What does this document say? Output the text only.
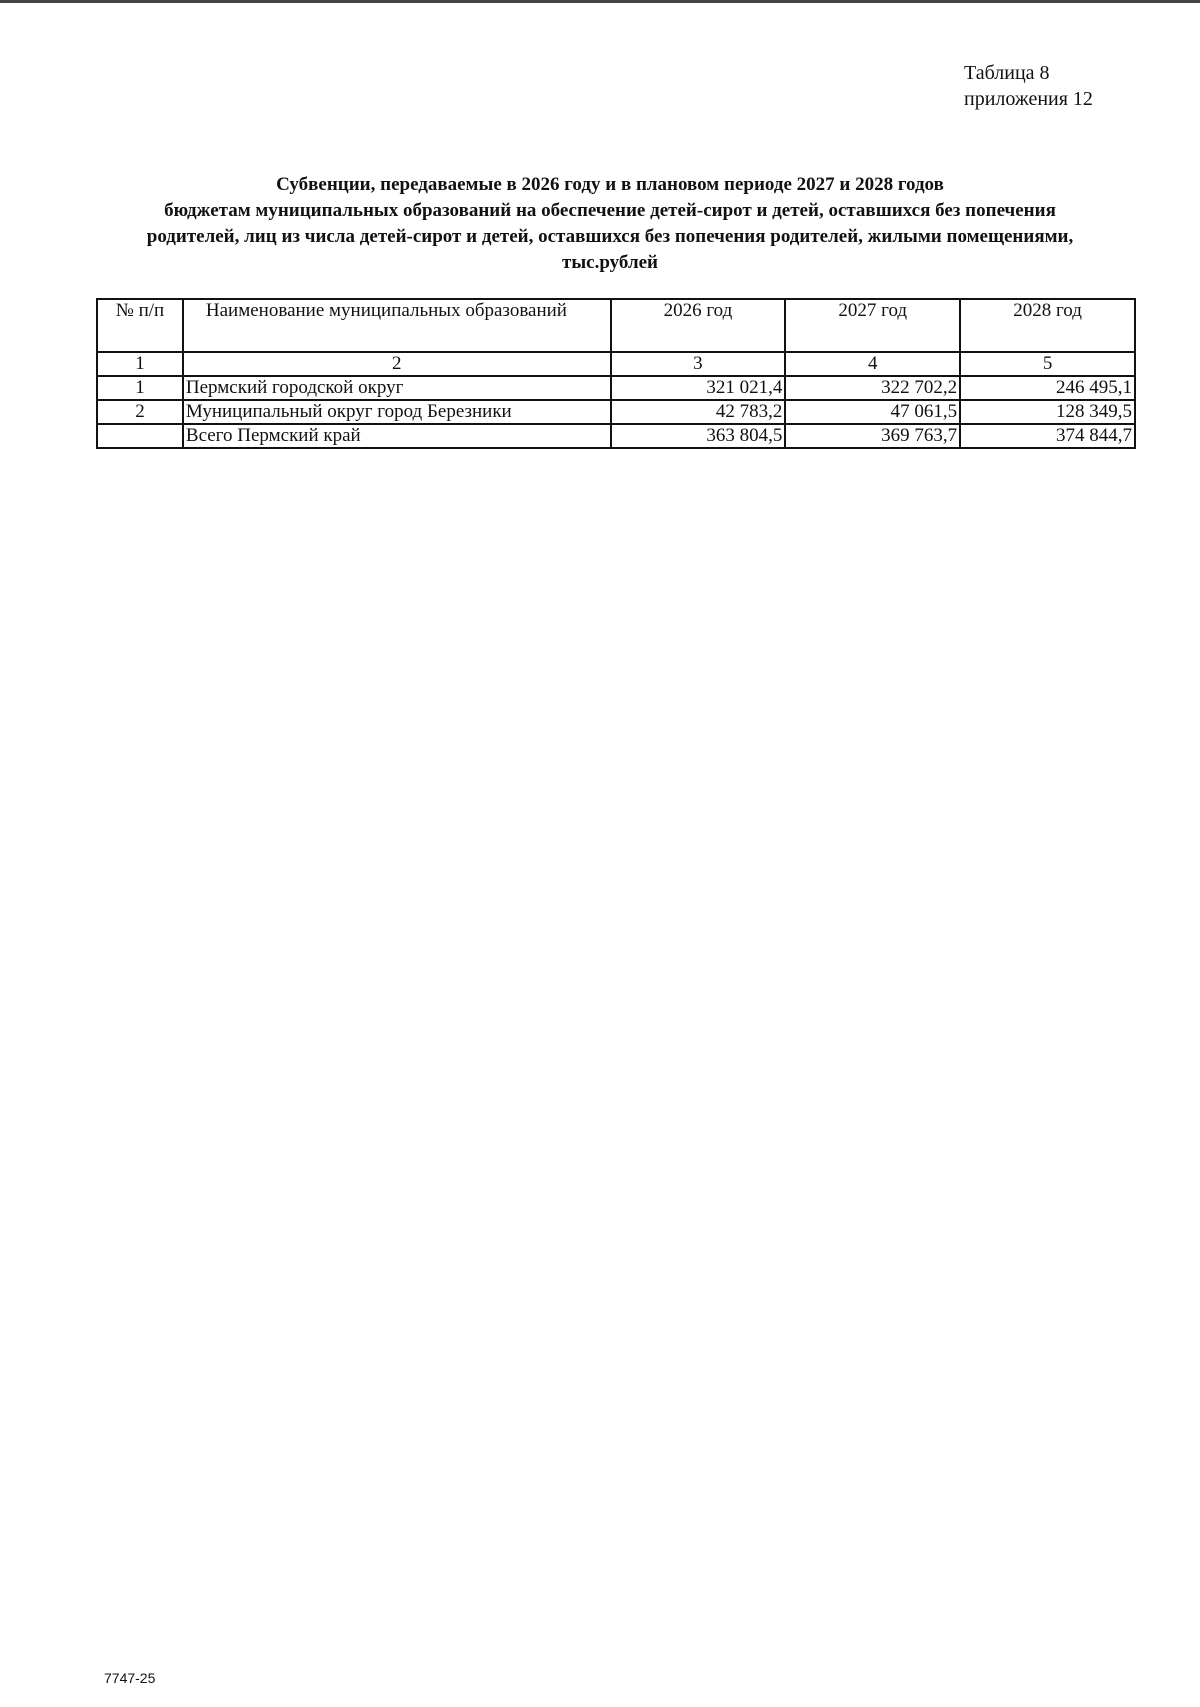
Таблица 8
приложения 12
Субвенции, передаваемые в 2026 году и в плановом периоде 2027 и 2028 годов
бюджетам муниципальных образований на обеспечение детей-сирот и детей, оставшихся без попечения
родителей, лиц из числа детей-сирот и детей, оставшихся без попечения родителей, жилыми помещениями,
тыс.рублей
№ п/п	Наименование муниципальных образований	2026 год	2027 год	2028 год
1	2	3	4	5
1	Пермский городской округ	321 021,4	322 702,2	246 495,1
2	Муниципальный округ город Березники	42 783,2	47 061,5	128 349,5
	Всего Пермский край	363 804,5	369 763,7	374 844,7
7747-25
